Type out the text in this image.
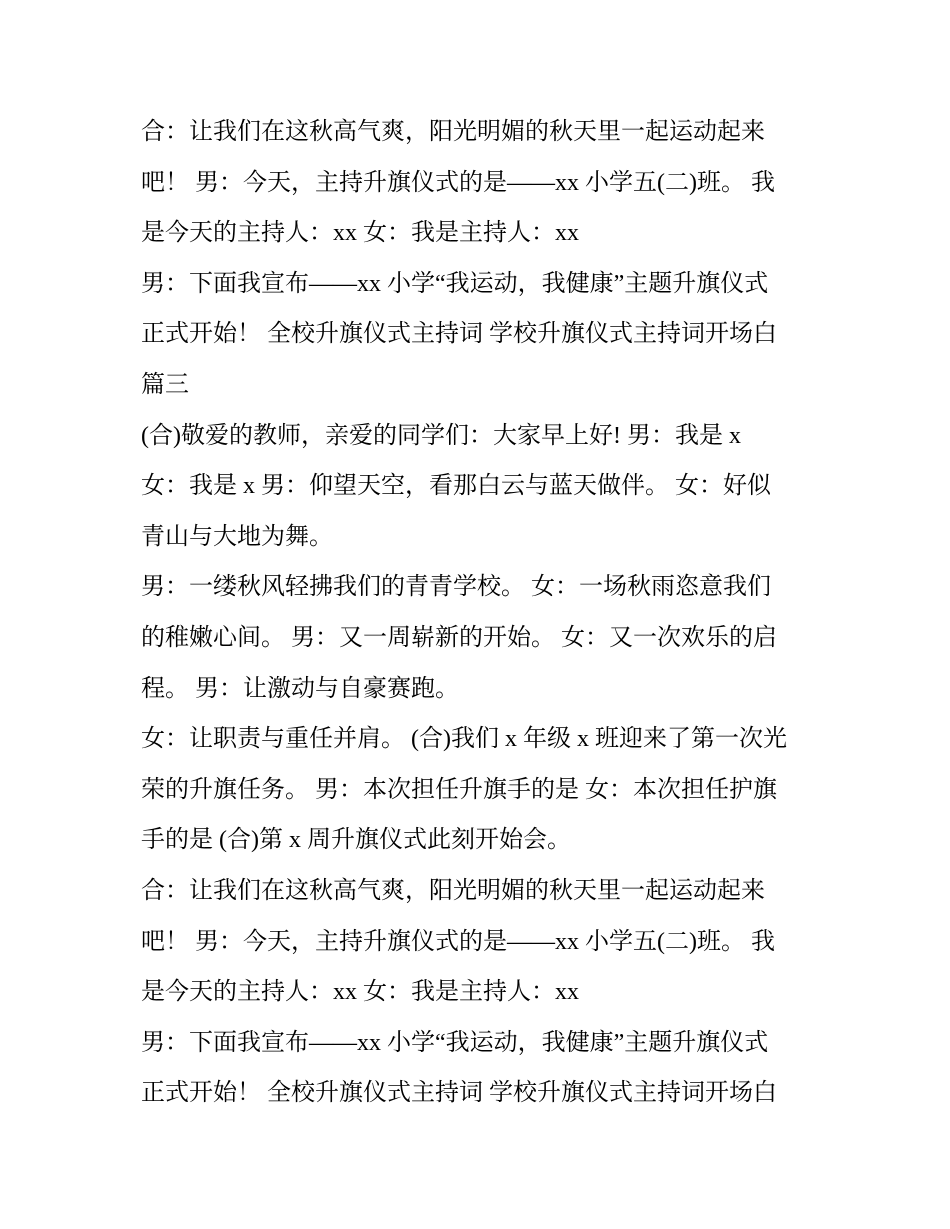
合：让我们在这秋高气爽，阳光明媚的秋天里一起运动起来
吧！ 男：今天，主持升旗仪式的是——xx 小学五(二)班。 我
是今天的主持人：xx 女：我是主持人：xx
男：下面我宣布——xx 小学“我运动，我健康”主题升旗仪式
正式开始！ 全校升旗仪式主持词 学校升旗仪式主持词开场白
篇三
(合)敬爱的教师，亲爱的同学们：大家早上好! 男：我是 x
女：我是 x 男：仰望天空，看那白云与蓝天做伴。 女：好似
青山与大地为舞。
男：一缕秋风轻拂我们的青青学校。 女：一场秋雨恣意我们
的稚嫩心间。 男：又一周崭新的开始。 女：又一次欢乐的启
程。 男：让激动与自豪赛跑。
女：让职责与重任并肩。 (合)我们 x 年级 x 班迎来了第一次光
荣的升旗任务。 男：本次担任升旗手的是 女：本次担任护旗
手的是 (合)第 x 周升旗仪式此刻开始会。
合：让我们在这秋高气爽，阳光明媚的秋天里一起运动起来
吧！ 男：今天，主持升旗仪式的是——xx 小学五(二)班。 我
是今天的主持人：xx 女：我是主持人：xx
男：下面我宣布——xx 小学“我运动，我健康”主题升旗仪式
正式开始！ 全校升旗仪式主持词 学校升旗仪式主持词开场白
